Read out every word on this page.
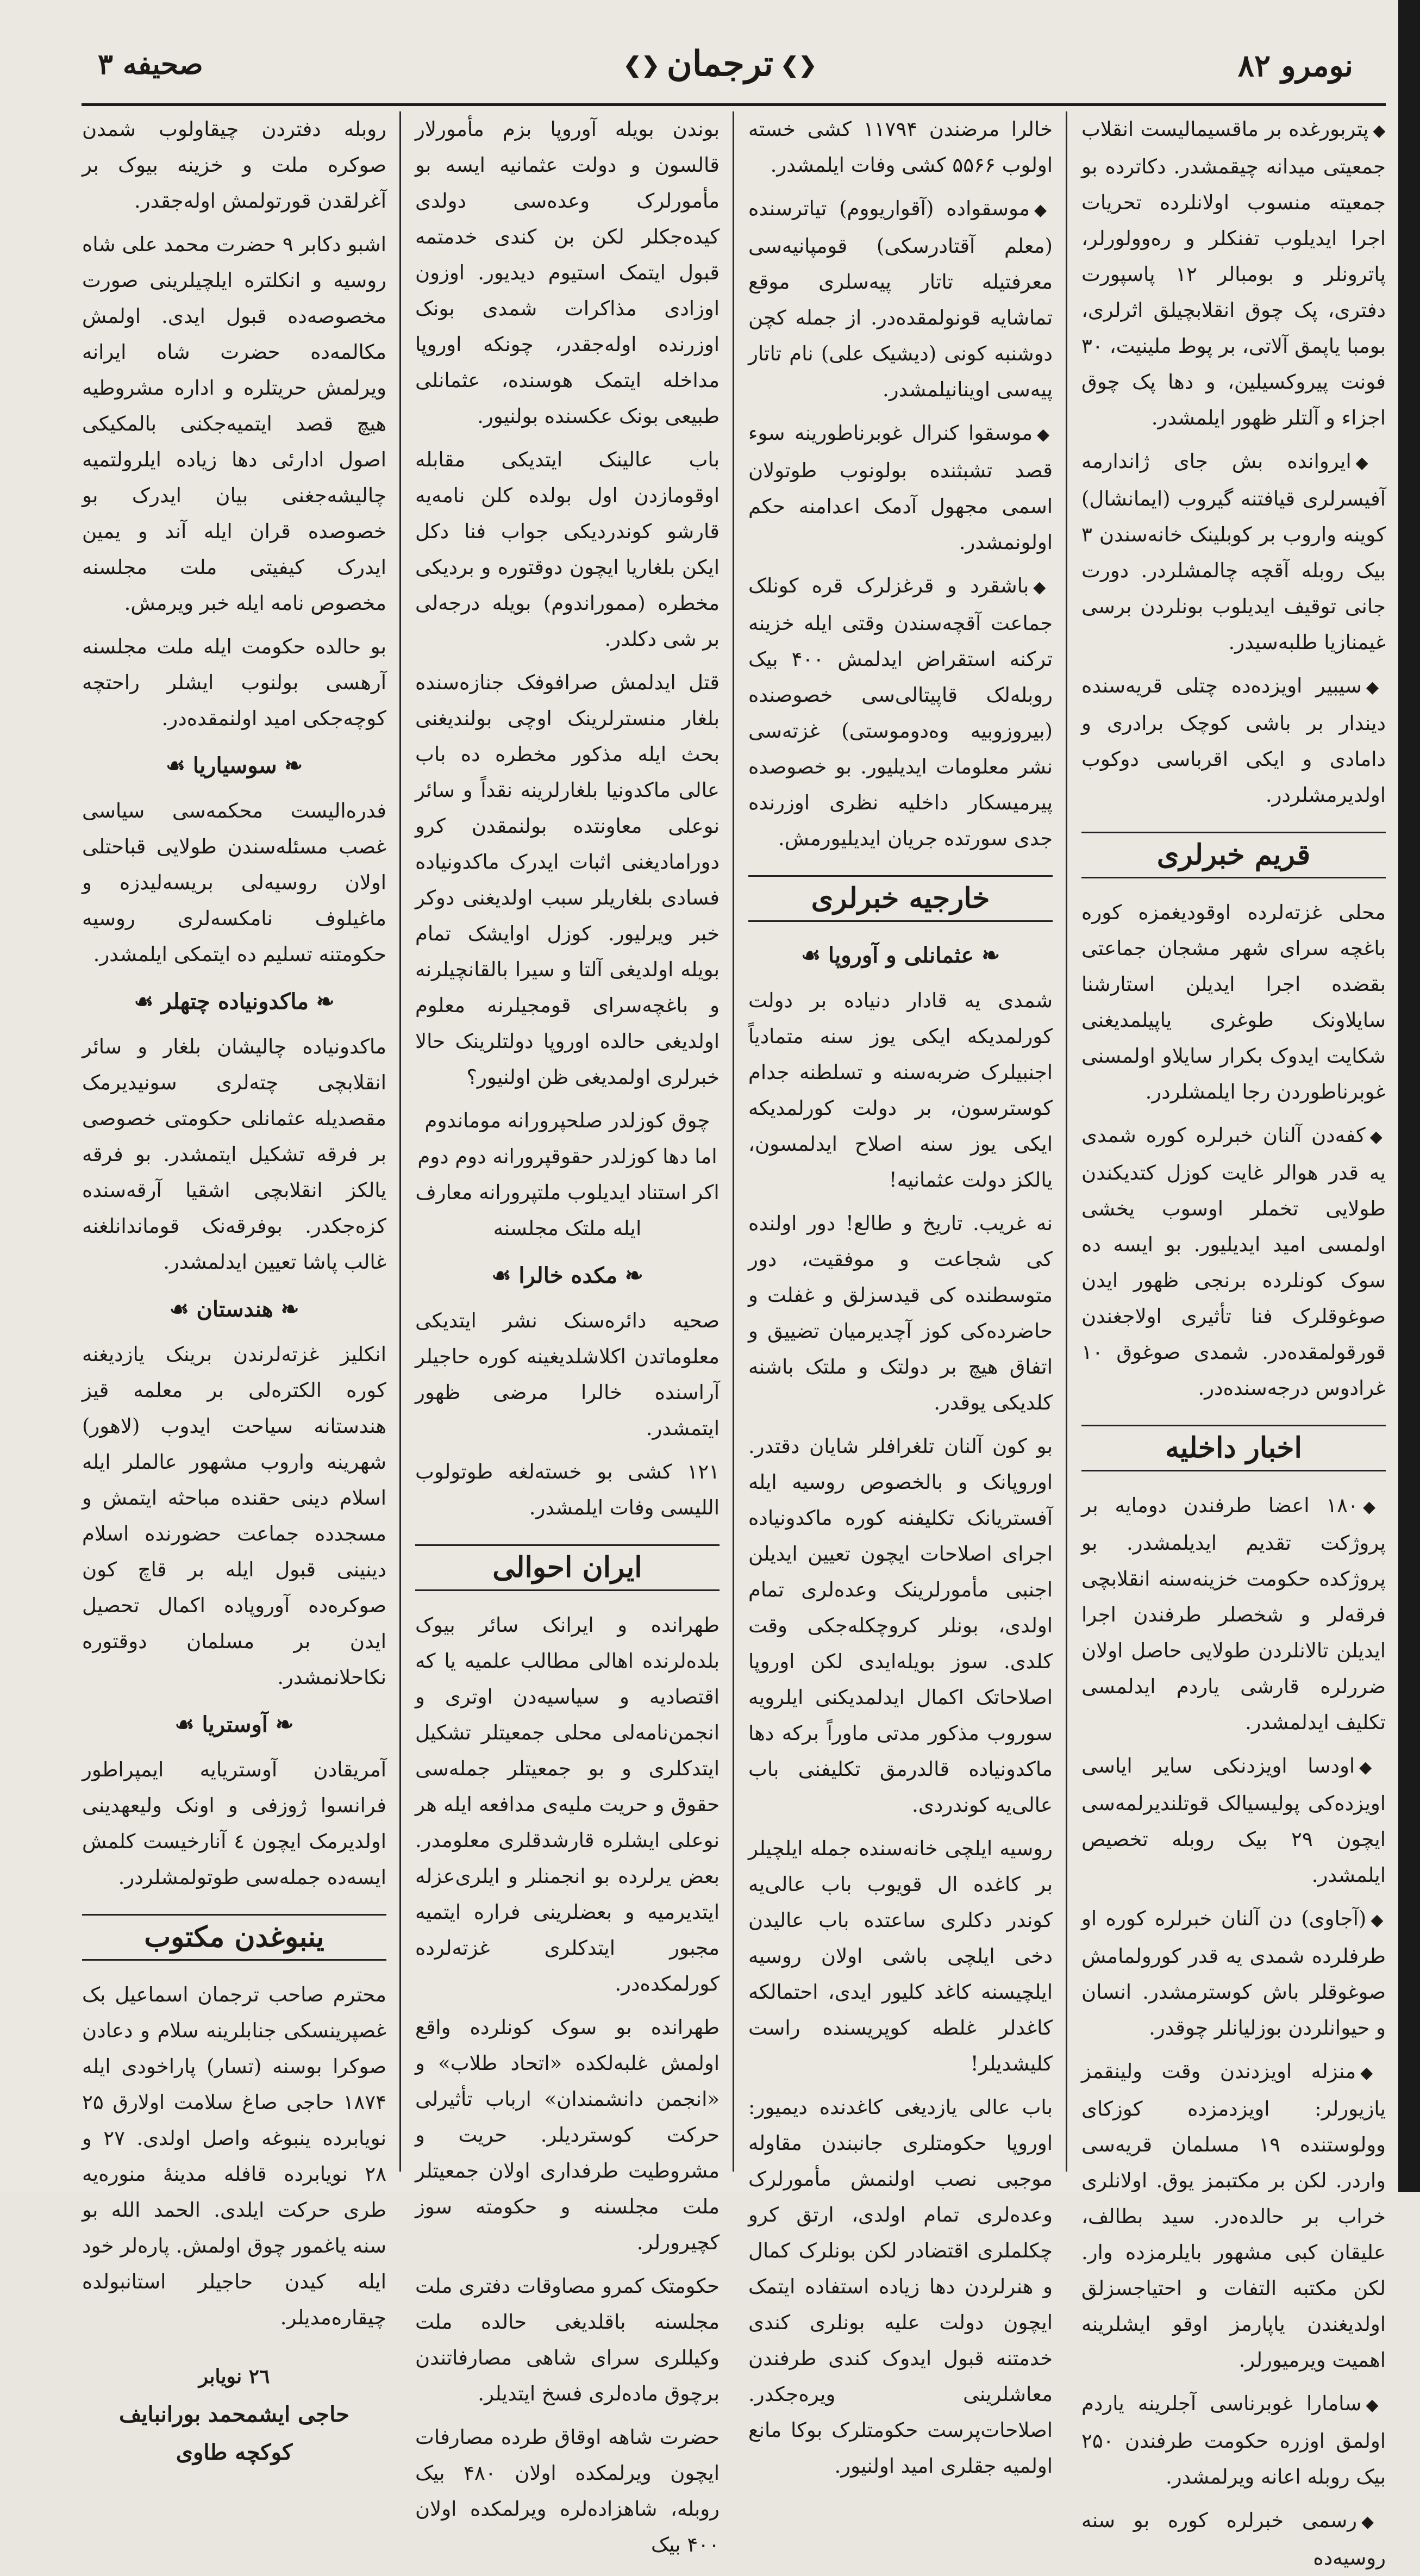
نومرو ۸۲
❮❯ ترجمان ❮❯
صحیفه ۳

◆پتربورغده بر ماقسیمالیست انقلاب جمعیتی میدانه چیقمشدر. دکاترده بو جمعیته منسوب اولانلرده تحریات اجرا ایدیلوب تفنکلر و ره‌وولورلر، پاترونلر و بومبالر ۱۲ پاسپورت دفتری، پک چوق انقلابچیلق اثرلری، بومبا یاپمق آلاتی، بر پوط ملینیت، ۳۰ فونت پیروکسیلین، و دها پک چوق اجزاء و آلتلر ظهور ایلمشدر.

◆ایروانده بش جای ژاندارمه آفیسرلری قیافتنه گیروب (ایمانشال) کوینه واروب بر کوبلینک خانه‌سندن ۳ بیک روبله آقچه چالمشلردر. دورت جانی توقیف ایدیلوب بونلردن برسی غیمنازیا طلبه‌سیدر.

◆سیبیر اویزده‌ده چتلی قریه‌سنده دیندار بر باشی کوچک برادری و دامادی و ایکی اقرباسی دوکوب اولدیرمشلردر.

قریم خبرلری

محلی غزته‌لرده اوقودیغمزه کوره باغچه سرای شهر مشجان جماعتی بقضده اجرا ایدیلن استارشنا سایلاونک طوغری یاپیلمدیغنی شکایت ایدوک بکرار سایلاو اولمسنی غوبرناطوردن رجا ایلمشلردر.

◆کفه‌دن آلنان خبرلره کوره شمدی یه قدر هوالر غایت کوزل کتدیکندن طولایی تخملر اوسوب یخشی اولمسی امید ایدیلیور. بو ایسه ده سوک کونلرده برنجی ظهور ایدن صوغوقلرک فنا تأثیری اولاجغندن قورقولمقده‌در. شمدی صوغوق ۱۰ غرادوس درجه‌سنده‌در.

اخبار داخلیه

◆۱۸۰ اعضا طرفندن دومایه بر پروژکت تقدیم ایدیلمشدر. بو پروژکده حکومت خزینه‌سنه انقلابچی فرقه‌لر و شخصلر طرفندن اجرا ایدیلن تالانلردن طولایی حاصل اولان ضررلره قارشی یاردم ایدلمسی تکلیف ایدلمشدر.

◆اودسا اویزدنکی سایر ایاسی اویزده‌کی پولیسیالک قوتلندیرلمه‌سی ایچون ۲۹ بیک روبله تخصیص ایلمشدر.

◆(آجاوی) دن آلنان خبرلره کوره او طرفلرده شمدی یه قدر کورولمامش صوغوقلر باش کوسترمشدر. انسان و حیوانلردن بوزلیانلر چوقدر.

◆منزله اویزدندن وقت ولینقمز یازیورلر: اویزدمزده کوزکای وولوستنده ۱۹ مسلمان قریه‌سی واردر. لکن بر مکتبمز یوق. اولانلری خراب بر حالده‌در. سید بطالف، علیقان کبی مشهور بایلرمزده وار. لکن مکتبه التفات و احتیاجسزلق اولدیغندن یاپارمز اوقو ایشلرینه اهمیت ویرمیورلر.

◆سامارا غوبرناسی آجلرینه یاردم اولمق اوزره حکومت طرفندن ۲۵۰ بیک روبله اعانه ویرلمشدر.

◆رسمی خبرلره کوره بو سنه روسیه‌ده

خالرا مرضندن ۱۱۷۹۴ کشی خسته اولوب ۵۵۶۶ کشی وفات ایلمشدر.

◆موسقواده (آقواریووم) تیاترسنده (معلم آقتادرسکی) قومپانیه‌سی معرفتیله تاتار پیه‌سلری موقع تماشایه قونولمقده‌در. از جمله کچن دوشنبه کونی (دیشیک علی) نام تاتار پیه‌سی اوینانیلمشدر.

◆موسقوا کنرال غوبرناطورینه سوء قصد تشبثنده بولونوب طوتولان اسمی مجهول آدمک اعدامنه حکم اولونمشدر.

◆باشقرد و قرغزلرک قره کونلک جماعت آقچه‌سندن وقتی ایله خزینه ترکنه استقراض ایدلمش ۴۰۰ بیک روبله‌لک قاپیتالی‌سی خصوصنده (بیروزوبیه وەدوموستی) غزته‌سی نشر معلومات ایدیلیور. بو خصوصده پیرمیسکار داخلیه نظری اوزرنده جدی سورتده جریان ایدیلیورمش.

خارجیه خبرلری
❧ عثمانلی و آوروپا ☙

شمدی یه قادار دنیاده بر دولت کورلمدیکه ایکی یوز سنه متمادیاً اجنبیلرک ضربه‌سنه و تسلطنه جدام کوسترسون، بر دولت کورلمدیکه ایکی یوز سنه اصلاح ایدلمسون، یالکز دولت عثمانیه!

نه غریب. تاریخ و طالع! دور اولنده کی شجاعت و موفقیت، دور متوسطنده کی قیدسزلق و غفلت و حاضرده‌کی کوز آچدیرمیان تضییق و اتفاق هیچ بر دولتک و ملتک باشنه کلدیکی یوقدر.

بو کون آلنان تلغرافلر شایان دقتدر. اوروپانک و بالخصوص روسیه ایله آفستریانک تکلیفنه کوره ماکدونیاده اجرای اصلاحات ایچون تعیین ایدیلن اجنبی مأمورلرینک وعده‌لری تمام اولدی، بونلر کروچکله‌جکی وقت کلدی. سوز بویله‌ایدی لکن اوروپا اصلاحاتک اکمال ایدلمدیکنی ایلرویه سوروب مذکور مدتی ماوراً برکه دها ماکدونیاده قالدرمق تکلیفنی باب عالی‌یه کوندردی.

روسیه ایلچی خانه‌سنده جمله ایلچیلر بر کاغده ال قویوب باب عالی‌یه کوندر دکلری ساعتده باب عالیدن دخی ایلچی باشی اولان روسیه ایلچیسنه کاغد کلیور ایدی، احتمالکه کاغدلر غلطه کوپریسنده راست کلیشدیلر!

باب عالی یازدیغی کاغدنده دیمیور: اوروپا حکومتلری جانبندن مقاوله موجبی نصب اولنمش مأمورلرک وعده‌لری تمام اولدی، ارتق کرو چکلملری اقتضادر لکن بونلرک کمال و هنرلردن دها زیاده استفاده ایتمک ایچون دولت علیه بونلری کندی خدمتنه قبول ایدوک کندی طرفندن معاشلرینی ویره‌جکدر. اصلاحات‌پرست حکومتلرک بوکا مانع اولمیه جقلری امید اولنیور.

بوندن بویله آوروپا بزم مأمورلار قالسون و دولت عثمانیه ایسه بو مأمورلرک وعده‌سی دولدی کیده‌جکلر لکن بن کندی خدمتمه قبول ایتمک استیوم دیدیور. اوزون اوزادی مذاکرات شمدی بونک اوزرنده اوله‌جقدر، چونکه اوروپا مداخله ایتمک هوسنده، عثمانلی طبیعی بونک عکسنده بولنیور.

باب عالینک ایتدیکی مقابله اوقومازدن اول بولده کلن نامه‌یه قارشو کوندردیکی جواب فنا دکل ایکن بلغاریا ایچون دوقتوره و بردیکی مخطره (مموراندوم) بویله درجه‌لی بر شی دکلدر.

قتل ایدلمش صرافوفک جنازه‌سنده بلغار منسترلرینک اوچی بولندیغنی بحث ایله مذکور مخطره ده باب عالی ماکدونیا بلغارلرینه نقداً و سائر نوعلی معاونتده بولنمقدن کرو دوراماديغنی اثبات ایدرک ماکدونیاده فسادی بلغاریلر سبب اولدیغنی دوکر خبر ویرلیور. کوزل اوایشک تمام بویله اولدیغی آلتا و سیرا بالقانچیلرنه و باغچه‌سرای قومجیلرنه معلوم اولدیغی حالده اوروپا دولتلرینک حالا خبرلری اولمدیغی ظن اولنیور؟

چوق کوزلدر صلحپرورانه موماندوم اما دها کوزلدر حقوقپرورانه دوم دوم اکر استناد ایدیلوب ملتپرورانه معارف ایله ملتک مجلسنه

❧ مکده خالرا ☙

صحیه دائره‌سنک نشر ایتدیکی معلوماتدن اکلاشلدیغینه کوره حاجیلر آراسنده خالرا مرضی ظهور ایتمشدر.

۱۲۱ کشی بو خسته‌لغه طوتولوب اللیسی وفات ایلمشدر.

ایران احوالی

طهرانده و ایرانک سائر بیوک بلده‌لرنده اهالی مطالب علمیه یا که اقتصادیه و سیاسیه‌دن اوتری و انجمن‌نامه‌لی محلی جمعیتلر تشکیل ایتدکلری و بو جمعیتلر جمله‌سی حقوق و حریت ملیه‌ی مدافعه ایله هر نوعلی ایشلره قارشدقلری معلومدر. بعض یرلرده بو انجمنلر و ایلری‌عزله ایتدیرمیه و بعضلرینی فراره ایتمیه مجبور ایتدکلری غزته‌لرده کورلمکده‌در.

طهرانده بو سوک کونلرده واقع اولمش غلبه‌لکده «اتحاد طلاب» و «انجمن دانشمندان» ارباب تأثیرلی حرکت کوستردیلر. حریت و مشروطیت طرفداری اولان جمعیتلر ملت مجلسنه و حکومته سوز کچیرورلر.

حکومتک کمرو مصاوقات دفتری ملت مجلسنه باقلدیغی حالده ملت وکیللری سرای شاهی مصارفاتندن برچوق ماده‌لری فسخ ایتدیلر.

حضرت شاهه اوقاق طرده مصارفات ایچون ویرلمکده اولان ۴۸۰ بیک روبله، شاهزاده‌لره ویرلمکده اولان ۴۰۰ بیک

روبله دفتردن چیقاولوب شمدن صوکره ملت و خزینه بیوک بر آغرلقدن قورتولمش اوله‌جقدر.

اشبو دکابر ۹ حضرت محمد علی شاه روسیه و انکلتره ایلچیلرینی صورت مخصوصه‌ده قبول ایدی. اولمش مکالمه‌ده حضرت شاه ایرانه ویرلمش حریتلره و اداره مشروطیه هیچ قصد ایتمیه‌جکنی بالمکیکی اصول ادارئی دها زیاده ایلرولتمیه چالیشه‌جغنی بیان ایدرک بو خصوصده قران ایله آند و یمین ایدرک کیفیتی ملت مجلسنه مخصوص نامه ایله خبر ویرمش.

بو حالده حکومت ایله ملت مجلسنه آرهسی بولنوب ایشلر راحتچه کوچه‌جکی امید اولنمقده‌در.

❧ سوسیاریا ☙

فدره‌الیست محکمه‌سی سیاسی غصب مسئله‌سندن طولایی قباحتلی اولان روسیه‌لی بریسه‌لیدزه و ماغیلوف نامکسه‌لری روسیه حکومتنه تسلیم ده ایتمکی ایلمشدر.

❧ ماکدونیاده چتهلر ☙

ماکدونیاده چالیشان بلغار و سائر انقلابچی چته‌لری سونیدیرمک مقصدیله عثمانلی حکومتی خصوصی بر فرقه تشکیل ایتمشدر. بو فرقه یالکز انقلابچی اشقیا آرقه‌سنده کزه‌جکدر. بوفرقه‌نک قوماندانلغنه غالب پاشا تعیین ایدلمشدر.

❧ هندستان ☙

انکلیز غزته‌لرندن برینک یازدیغنه کوره الکتره‌لی بر معلمه قیز هندستانه سیاحت ایدوب (لاهور) شهرینه واروب مشهور عالملر ایله اسلام دینی حقنده مباحثه ایتمش و مسجدده جماعت حضورنده اسلام دینینی قبول ایله بر قاچ کون صوکره‌ده آوروپاده اکمال تحصیل ایدن بر مسلمان دوقتوره نکاحلانمشدر.

❧ آوستریا ☙

آمریقادن آوستریایه ایمپراطور فرانسوا ژوزفی و اونک ولیعهدینی اولدیرمک ایچون ٤ آنارخیست کلمش ایسه‌ده جمله‌سی طوتولمشلردر.

ینبوغدن مکتوب

محترم صاحب ترجمان اسماعیل بک غصپرینسکی جنابلرینه سلام و دعادن صوکرا بوسنه (تسار) پاراخودی ایله ۱۸۷۴ حاجی صاغ سلامت اولارق ۲۵ نویابرده ینبوغه واصل اولدی. ۲۷ و ۲۸ نویابرده قافله مدینهٔ منوره‌یه طری حرکت ایلدی. الحمد الله بو سنه یاغمور چوق اولمش. پاره‌لر خود ایله کیدن حاجیلر استانبولده چیقاره‌مدیلر.

۲٦ نویابر
حاجی ایشمحمد بورانبایف
کوکچه طاوی
